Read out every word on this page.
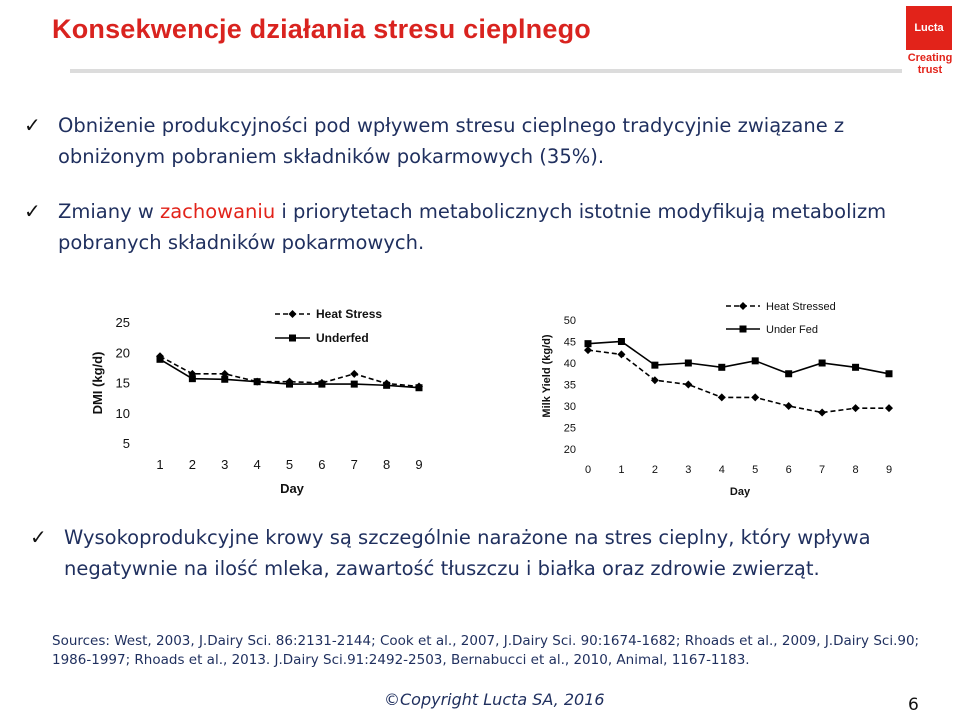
Konsekwencje działania stresu cieplnego	Lucta
Creating
trust
✓ Obniżenie produkcyjności pod wpływem stresu cieplnego tradycyjnie związane z obniżonym pobraniem składników pokarmowych (35%).
✓ Zmiany w zachowaniu i priorytetach metabolicznych istotnie modyfikują metabolizm pobranych składników pokarmowych.
5
10
15
20
25
1 2 3 4 5 6 7 8 9
Day
DMI (kg/d)
Heat Stress
Underfed
20
25
30
35
40
45
50
0 1 2 3 4 5 6 7 8 9
Day
Milk Yield (kg/d)
Heat Stressed
Under Fed
✓ Wysokoprodukcyjne krowy są szczególnie narażone na stres cieplny, który wpływa negatywnie na ilość mleka, zawartość tłuszczu i białka oraz zdrowie zwierząt.
Sources: West, 2003, J.Dairy Sci. 86:2131-2144; Cook et al., 2007, J.Dairy Sci. 90:1674-1682; Rhoads et al., 2009, J.Dairy Sci.90; 1986-1997; Rhoads et al., 2013. J.Dairy Sci.91:2492-2503, Bernabucci et al., 2010, Animal, 1167-1183.
©Copyright Lucta SA, 2016	6
